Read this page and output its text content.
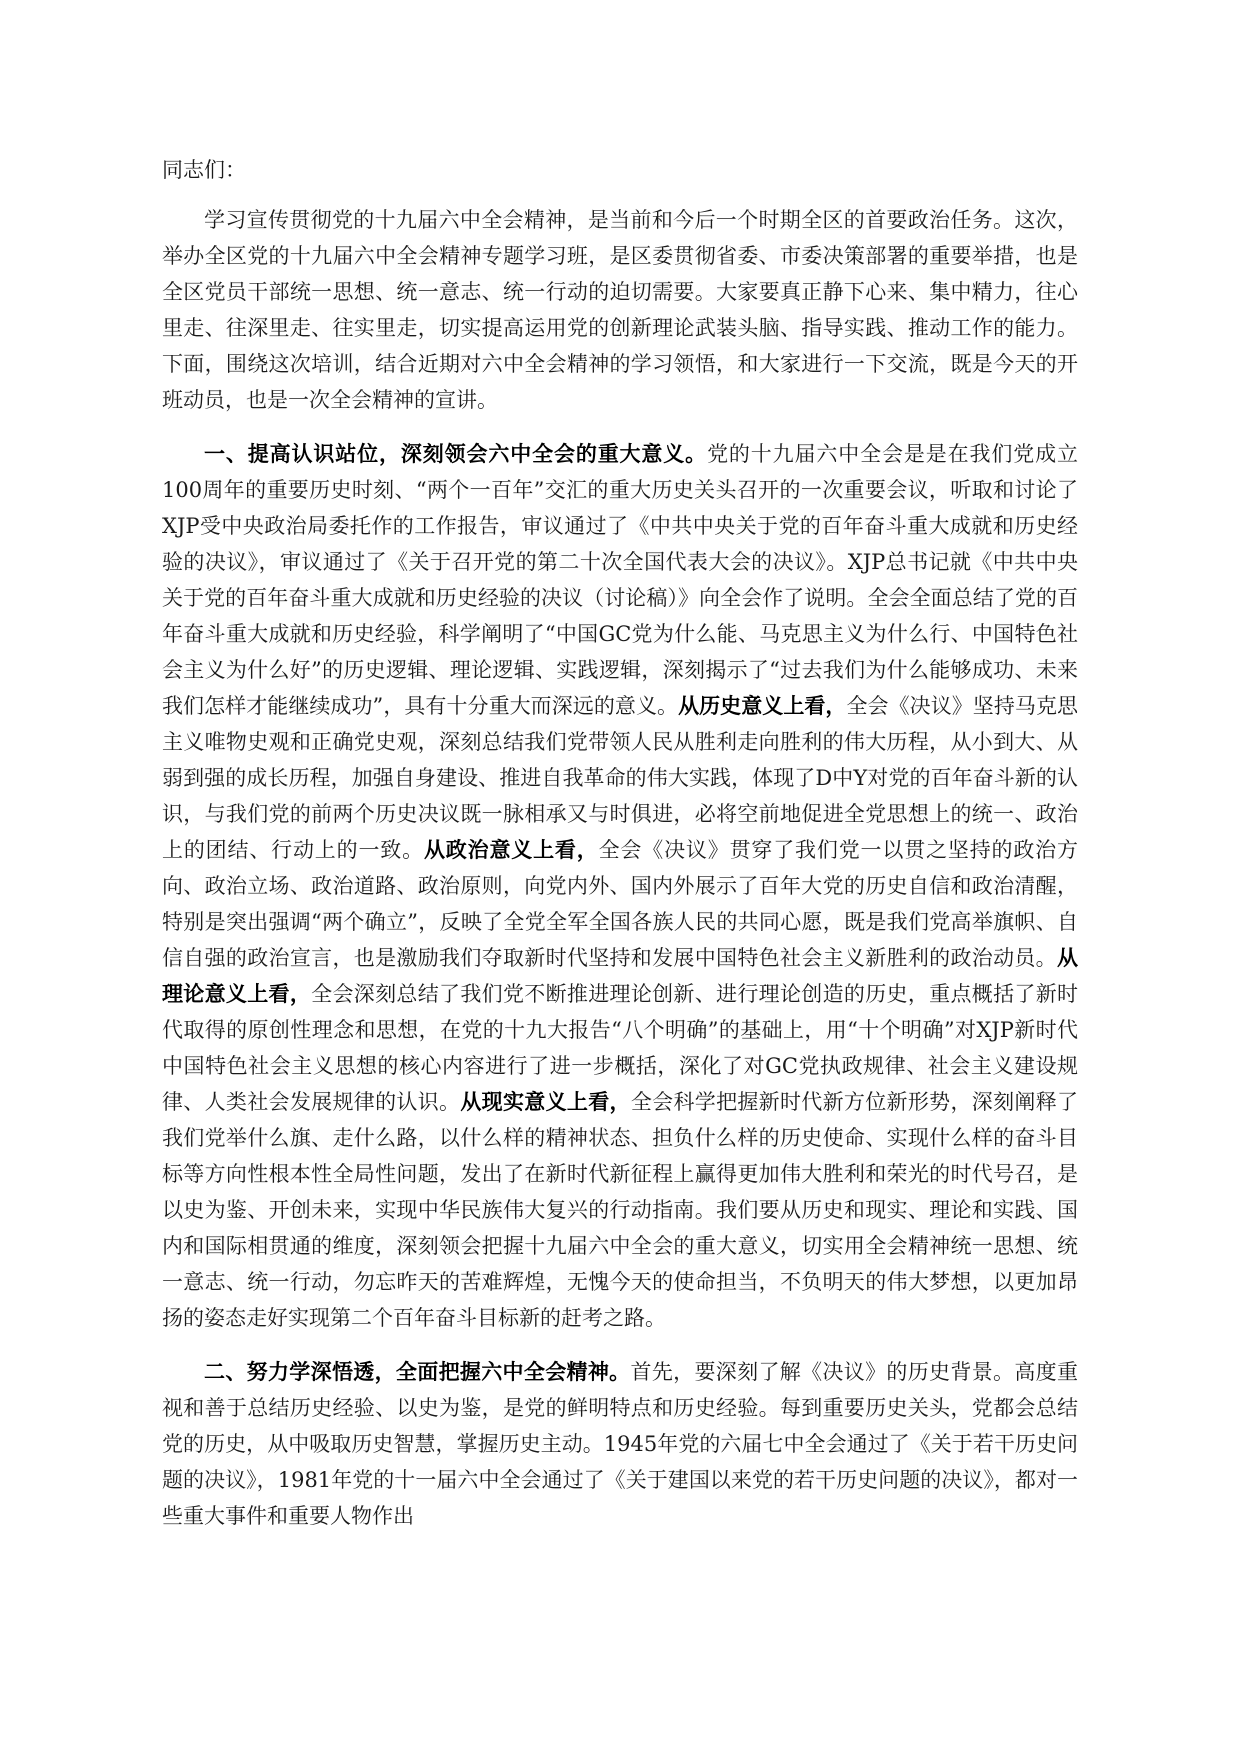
同志们：

学习宣传贯彻党的十九届六中全会精神，是当前和今后一个时期全区的首要政治任务。这次，举办全区党的十九届六中全会精神专题学习班，是区委贯彻省委、市委决策部署的重要举措，也是全区党员干部统一思想、统一意志、统一行动的迫切需要。大家要真正静下心来、集中精力，往心里走、往深里走、往实里走，切实提高运用党的创新理论武装头脑、指导实践、推动工作的能力。下面，围绕这次培训，结合近期对六中全会精神的学习领悟，和大家进行一下交流，既是今天的开班动员，也是一次全会精神的宣讲。

一、提高认识站位，深刻领会六中全会的重大意义。党的十九届六中全会是是在我们党成立100周年的重要历史时刻、“两个一百年”交汇的重大历史关头召开的一次重要会议，听取和讨论了XJP受中央政治局委托作的工作报告，审议通过了《中共中央关于党的百年奋斗重大成就和历史经验的决议》，审议通过了《关于召开党的第二十次全国代表大会的决议》。XJP总书记就《中共中央关于党的百年奋斗重大成就和历史经验的决议（讨论稿）》向全会作了说明。全会全面总结了党的百年奋斗重大成就和历史经验，科学阐明了“中国GC党为什么能、马克思主义为什么行、中国特色社会主义为什么好”的历史逻辑、理论逻辑、实践逻辑，深刻揭示了“过去我们为什么能够成功、未来我们怎样才能继续成功”，具有十分重大而深远的意义。从历史意义上看，全会《决议》坚持马克思主义唯物史观和正确党史观，深刻总结我们党带领人民从胜利走向胜利的伟大历程，从小到大、从弱到强的成长历程，加强自身建设、推进自我革命的伟大实践，体现了D中Y对党的百年奋斗新的认识，与我们党的前两个历史决议既一脉相承又与时俱进，必将空前地促进全党思想上的统一、政治上的团结、行动上的一致。从政治意义上看，全会《决议》贯穿了我们党一以贯之坚持的政治方向、政治立场、政治道路、政治原则，向党内外、国内外展示了百年大党的历史自信和政治清醒，特别是突出强调“两个确立”，反映了全党全军全国各族人民的共同心愿，既是我们党高举旗帜、自信自强的政治宣言，也是激励我们夺取新时代坚持和发展中国特色社会主义新胜利的政治动员。从理论意义上看，全会深刻总结了我们党不断推进理论创新、进行理论创造的历史，重点概括了新时代取得的原创性理念和思想，在党的十九大报告“八个明确”的基础上，用“十个明确”对XJP新时代中国特色社会主义思想的核心内容进行了进一步概括，深化了对GC党执政规律、社会主义建设规律、人类社会发展规律的认识。从现实意义上看，全会科学把握新时代新方位新形势，深刻阐释了我们党举什么旗、走什么路，以什么样的精神状态、担负什么样的历史使命、实现什么样的奋斗目标等方向性根本性全局性问题，发出了在新时代新征程上赢得更加伟大胜利和荣光的时代号召，是以史为鉴、开创未来，实现中华民族伟大复兴的行动指南。我们要从历史和现实、理论和实践、国内和国际相贯通的维度，深刻领会把握十九届六中全会的重大意义，切实用全会精神统一思想、统一意志、统一行动，勿忘昨天的苦难辉煌，无愧今天的使命担当，不负明天的伟大梦想，以更加昂扬的姿态走好实现第二个百年奋斗目标新的赶考之路。

二、努力学深悟透，全面把握六中全会精神。首先，要深刻了解《决议》的历史背景。高度重视和善于总结历史经验、以史为鉴，是党的鲜明特点和历史经验。每到重要历史关头，党都会总结党的历史，从中吸取历史智慧，掌握历史主动。1945年党的六届七中全会通过了《关于若干历史问题的决议》，1981年党的十一届六中全会通过了《关于建国以来党的若干历史问题的决议》，都对一些重大事件和重要人物作出
